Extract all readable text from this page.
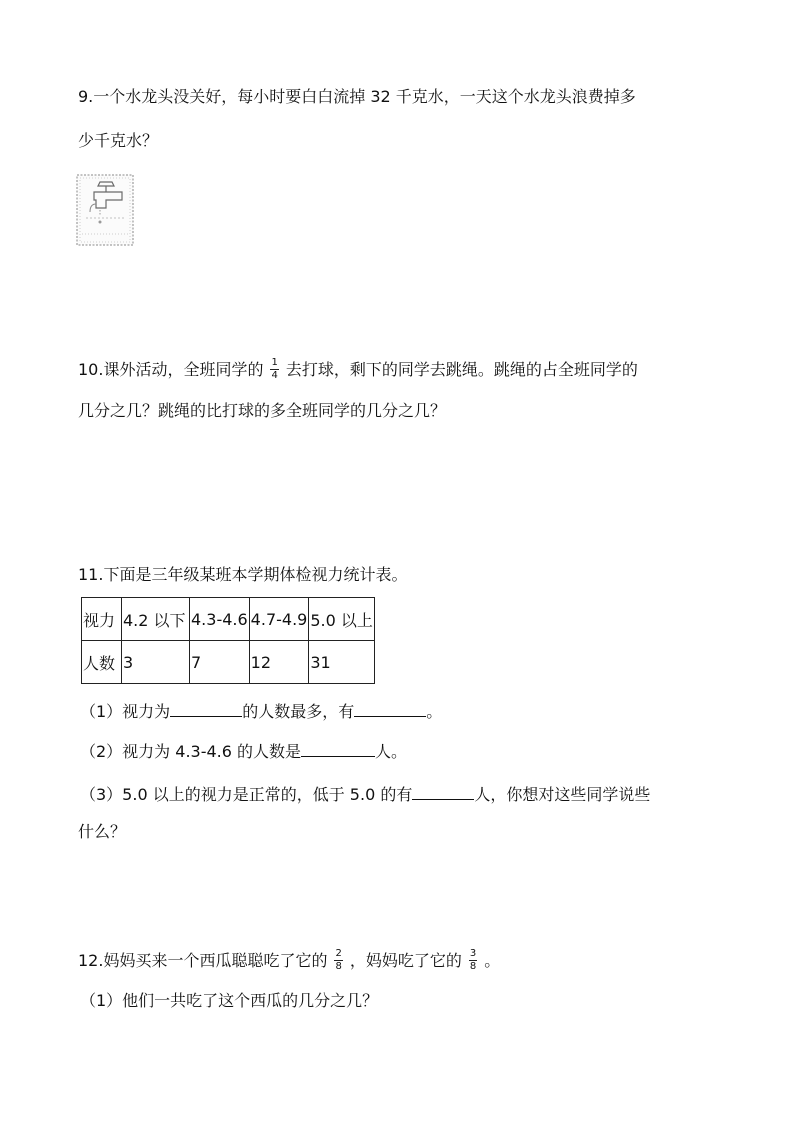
9.一个水龙头没关好，每小时要白白流掉 32 千克水，一天这个水龙头浪费掉多
少千克水？
10.课外活动，全班同学的 $\frac{1}{4}$ 去打球，剩下的同学去跳绳。跳绳的占全班同学的
几分之几？跳绳的比打球的多全班同学的几分之几？
11.下面是三年级某班本学期体检视力统计表。
视力	4.2 以下	4.3-4.6	4.7-4.9	5.0 以上
人数	3	7	12	31
（1）视力为	的人数最多，有	。
（2）视力为 4.3-4.6 的人数是	人。
（3）5.0 以上的视力是正常的，低于 5.0 的有	人，你想对这些同学说些
什么？
12.妈妈买来一个西瓜聪聪吃了它的 $\frac{2}{8}$ ，妈妈吃了它的 $\frac{3}{8}$ 。
（1）他们一共吃了这个西瓜的几分之几？
